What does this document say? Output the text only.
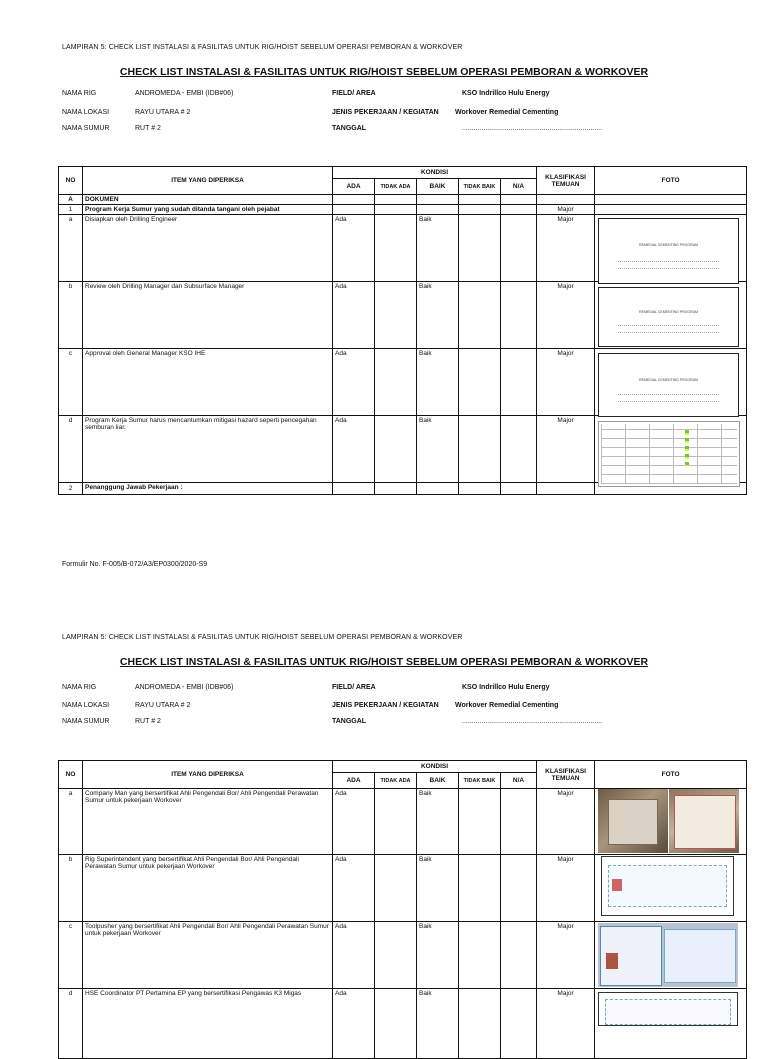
LAMPIRAN 5: CHECK LIST INSTALASI & FASILITAS UNTUK RIG/HOIST SEBELUM OPERASI PEMBORAN & WORKOVER
CHECK LIST INSTALASI & FASILITAS UNTUK RIG/HOIST SEBELUM OPERASI PEMBORAN & WORKOVER
NAMA RIG	ANDROMEDA - EMBI (IDB#06)	FIELD/ AREA	KSO Indrillco Hulu Energy
NAMA LOKASI	RAYU UTARA # 2	JENIS PEKERJAAN / KEGIATAN Workover Remedial Cementing
NAMA SUMUR	RUT # 2	TANGGAL	........................................................................
NO	ITEM YANG DIPERIKSA	KONDISI					KLASIFIKASI TEMUAN	FOTO
		ADA	TIDAK ADA	BAIK	TIDAK BAIK	N/A		
A	DOKUMEN							
1	Program Kerja Sumur yang sudah ditanda tangani oleh pejabat						Major	
a	Disiapkan oleh Drilling Engineer	Ada		Baik			Major	
b	Review oleh Drilling Manager dan Subsurface Manager	Ada		Baik			Major	
c	Approval oleh General Manager KSO IHE	Ada		Baik			Major	
d	Program Kerja Sumur harus mencantumkan mitigasi hazard seperti pencegahan semburan liar.	Ada		Baik			Major	
2	Penanggung Jawab Pekerjaan :							
REMEDIAL CEMENTING PROGRAM
REMEDIAL CEMENTING PROGRAM
REMEDIAL CEMENTING PROGRAM
Formulir No. F-005/B-072/A3/EP0300/2020-S9
LAMPIRAN 5: CHECK LIST INSTALASI & FASILITAS UNTUK RIG/HOIST SEBELUM OPERASI PEMBORAN & WORKOVER
CHECK LIST INSTALASI & FASILITAS UNTUK RIG/HOIST SEBELUM OPERASI PEMBORAN & WORKOVER
NAMA RIG	ANDROMEDA - EMBI (IDB#06)	FIELD/ AREA	KSO Indrillco Hulu Energy
NAMA LOKASI	RAYU UTARA # 2	JENIS PEKERJAAN / KEGIATAN Workover Remedial Cementing
NAMA SUMUR	RUT # 2	TANGGAL	........................................................................
NO	ITEM YANG DIPERIKSA	KONDISI					KLASIFIKASI TEMUAN	FOTO
		ADA	TIDAK ADA	BAIK	TIDAK BAIK	N/A		
a	Company Man yang bersertifikat Ahli Pengendali Bor/ Ahli Pengendali Perawatan Sumur untuk pekerjaan Workover	Ada		Baik			Major	
b	Rig Superintendent yang bersertifikat Ahli Pengendali Bor/ Ahli Pengendali Perawatan Sumur untuk pekerjaan Workover	Ada		Baik			Major	
c	Toolpusher yang bersertifikat Ahli Pengendali Bor/ Ahli Pengendali Perawatan Sumur untuk pekerjaan Workover	Ada		Baik			Major	
d	HSE Coordinator PT Pertamina EP yang bersertifikasi Pengawas K3 Migas	Ada		Baik			Major	
